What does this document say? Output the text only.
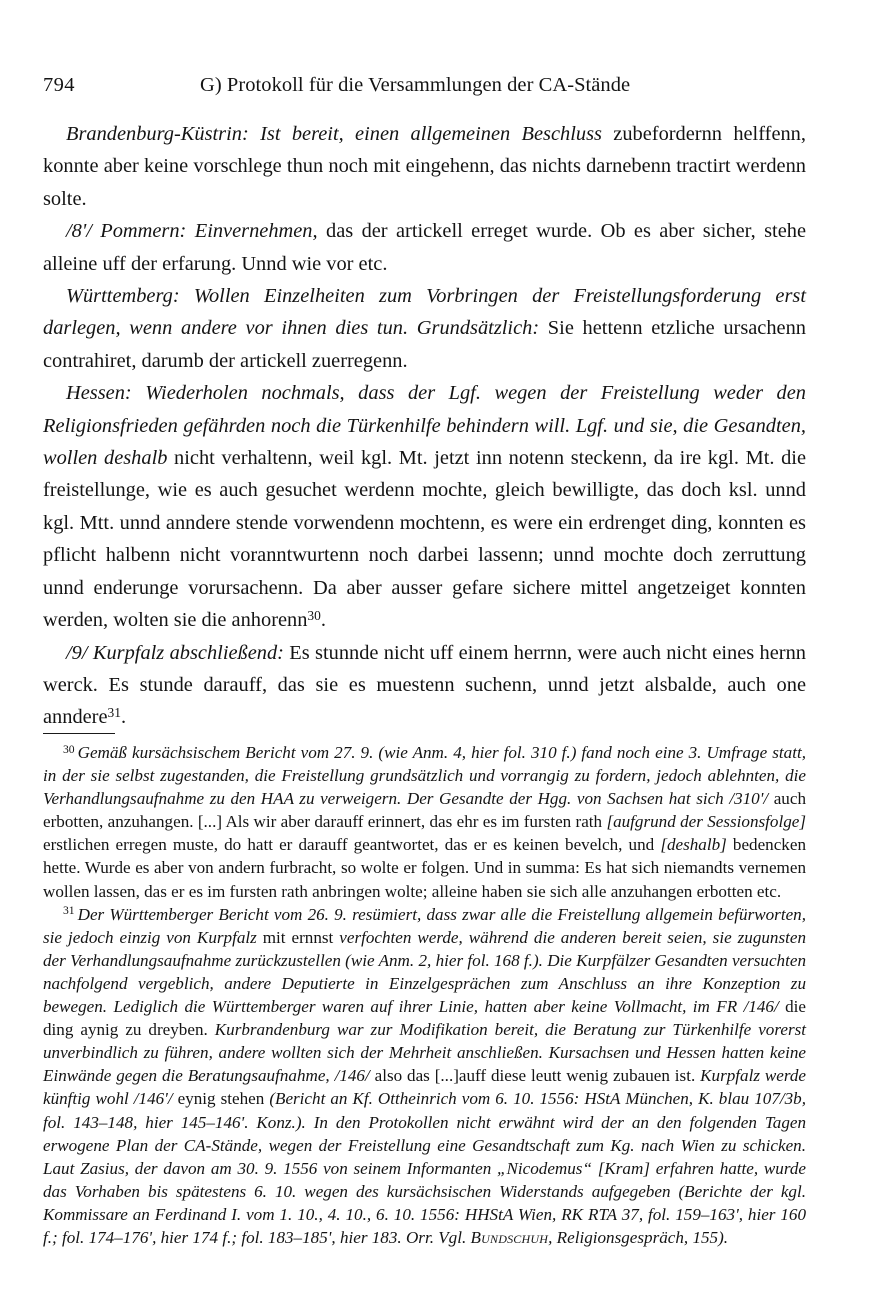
794	G) Protokoll für die Versammlungen der CA-Stände

Brandenburg-Küstrin: Ist bereit, einen allgemeinen Beschluss zubefordernn helffenn, konnte aber keine vorschlege thun noch mit eingehenn, das nichts darnebenn tractirt werdenn solte.

/8'/ Pommern: Einvernehmen, das der artickell erreget wurde. Ob es aber sicher, stehe alleine uff der erfarung. Unnd wie vor etc.

Württemberg: Wollen Einzelheiten zum Vorbringen der Freistellungsforderung erst darlegen, wenn andere vor ihnen dies tun. Grundsätzlich: Sie hettenn etzliche ursachenn contrahiret, darumb der artickell zuerregenn.

Hessen: Wiederholen nochmals, dass der Lgf. wegen der Freistellung weder den Religionsfrieden gefährden noch die Türkenhilfe behindern will. Lgf. und sie, die Gesandten, wollen deshalb nicht verhaltenn, weil kgl. Mt. jetzt inn notenn steckenn, da ire kgl. Mt. die freistellunge, wie es auch gesuchet werdenn mochte, gleich bewilligte, das doch ksl. unnd kgl. Mtt. unnd anndere stende vorwendenn mochtenn, es were ein erdrenget ding, konnten es pflicht halbenn nicht voranntwurtenn noch darbei lassenn; unnd mochte doch zerruttung unnd enderunge vorursachenn. Da aber ausser gefare sichere mittel angetzeiget konnten werden, wolten sie die anhorenn$^{30}$.

/9/ Kurpfalz abschließend: Es stunnde nicht uff einem herrnn, were auch nicht eines hernn werck. Es stunde darauff, das sie es muestenn suchenn, unnd jetzt alsbalde, auch one anndere$^{31}$.

$^{30}$ Gemäß kursächsischem Bericht vom 27. 9. (wie Anm. 4, hier fol. 310 f.) fand noch eine 3. Umfrage statt, in der sie selbst zugestanden, die Freistellung grundsätzlich und vorrangig zu fordern, jedoch ablehnten, die Verhandlungsaufnahme zu den HAA zu verweigern. Der Gesandte der Hgg. von Sachsen hat sich /310'/ auch erbotten, anzuhangen. [...] Als wir aber darauff erinnert, das ehr es im fursten rath [aufgrund der Sessionsfolge] erstlichen erregen muste, do hatt er darauff geantwortet, das er es keinen bevelch, und [deshalb] bedencken hette. Wurde es aber von andern furbracht, so wolte er folgen. Und in summa: Es hat sich niemandts vernemen wollen lassen, das er es im fursten rath anbringen wolte; alleine haben sie sich alle anzuhangen erbotten etc.

$^{31}$ Der Württemberger Bericht vom 26. 9. resümiert, dass zwar alle die Freistellung allgemein befürworten, sie jedoch einzig von Kurpfalz mit ernnst verfochten werde, während die anderen bereit seien, sie zugunsten der Verhandlungsaufnahme zurückzustellen (wie Anm. 2, hier fol. 168 f.). Die Kurpfälzer Gesandten versuchten nachfolgend vergeblich, andere Deputierte in Einzelgesprächen zum Anschluss an ihre Konzeption zu bewegen. Lediglich die Württemberger waren auf ihrer Linie, hatten aber keine Vollmacht, im FR /146/ die ding aynig zu dreyben. Kurbrandenburg war zur Modifikation bereit, die Beratung zur Türkenhilfe vorerst unverbindlich zu führen, andere wollten sich der Mehrheit anschließen. Kursachsen und Hessen hatten keine Einwände gegen die Beratungsaufnahme, /146/ also das [...]auff diese leutt wenig zubauen ist. Kurpfalz werde künftig wohl /146'/ eynig stehen (Bericht an Kf. Ottheinrich vom 6. 10. 1556: HStA München, K. blau 107/3b, fol. 143–148, hier 145–146'. Konz.). In den Protokollen nicht erwähnt wird der an den folgenden Tagen erwogene Plan der CA-Stände, wegen der Freistellung eine Gesandtschaft zum Kg. nach Wien zu schicken. Laut Zasius, der davon am 30. 9. 1556 von seinem Informanten „Nicodemus“ [Kram] erfahren hatte, wurde das Vorhaben bis spätestens 6. 10. wegen des kursächsischen Widerstands aufgegeben (Berichte der kgl. Kommissare an Ferdinand I. vom 1. 10., 4. 10., 6. 10. 1556: HHStA Wien, RK RTA 37, fol. 159–163', hier 160 f.; fol. 174–176', hier 174 f.; fol. 183–185', hier 183. Orr. Vgl. Bundschuh, Religionsgespräch, 155).
